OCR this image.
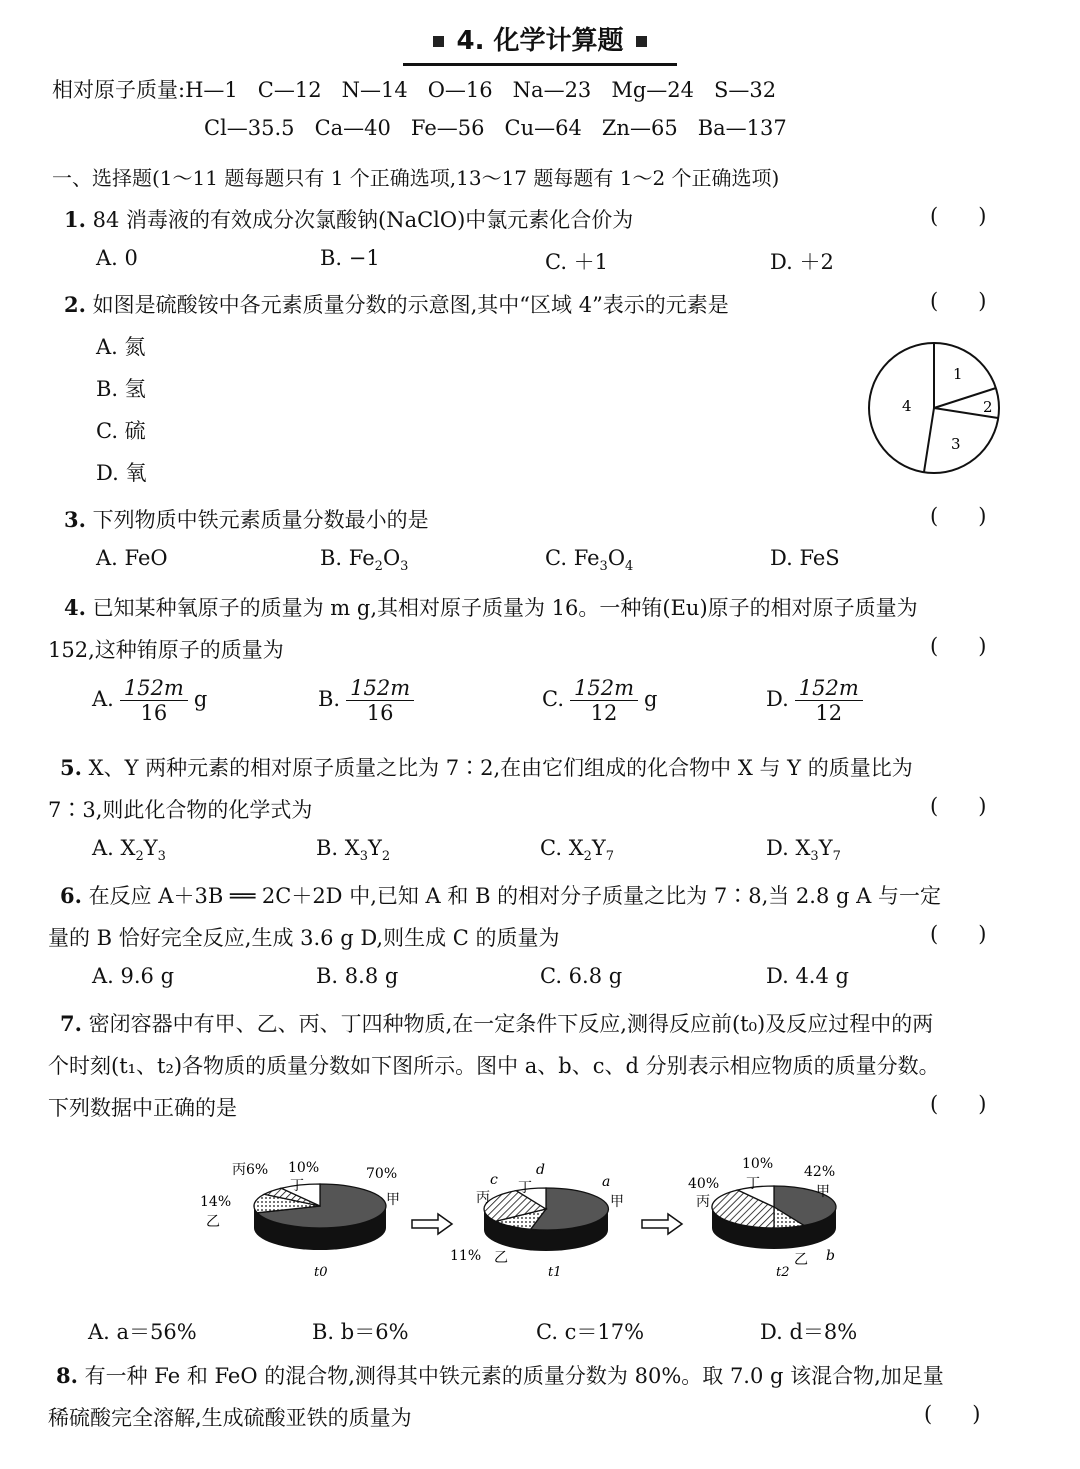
4. 化学计算题
相对原子质量:H—1   C—12   N—14   O—16   Na—23   Mg—24   S—32
Cl—35.5   Ca—40   Fe—56   Cu—64   Zn—65   Ba—137
一、选择题(1～11 题每题只有 1 个正确选项,13～17 题每题有 1～2 个正确选项)
1. 84 消毒液的有效成分次氯酸钠(NaClO)中氯元素化合价为	(      )
A. 0	B. −1	C. ＋1	D. ＋2
2. 如图是硫酸铵中各元素质量分数的示意图,其中“区域 4”表示的元素是	(      )
A. 氮
B. 氢
C. 硫
D. 氧
1
2
3
4
3. 下列物质中铁元素质量分数最小的是	(      )
A. FeO	B. $Fe_2O_3$	C. $Fe_3O_4$	D. FeS
4. 已知某种氧原子的质量为 m g,其相对原子质量为 16。一种铕(Eu)原子的相对原子质量为
152,这种铕原子的质量为	(      )
A. $\frac{152m}{16}$ g	B. $\frac{152m}{16}$	C. $\frac{152m}{12}$ g	D. $\frac{152m}{12}$
5. X、Y 两种元素的相对原子质量之比为 7∶2,在由它们组成的化合物中 X 与 Y 的质量比为
7∶3,则此化合物的化学式为	(      )
A. $X_2Y_3$	B. $X_3Y_2$	C. $X_2Y_7$	D. $X_3Y_7$
6. 在反应 A＋3B ══ 2C＋2D 中,已知 A 和 B 的相对分子质量之比为 7∶8,当 2.8 g A 与一定
量的 B 恰好完全反应,生成 3.6 g D,则生成 C 的质量为	(      )
A. 9.6 g	B. 8.8 g	C. 6.8 g	D. 4.4 g
7. 密闭容器中有甲、乙、丙、丁四种物质,在一定条件下反应,测得反应前(t₀)及反应过程中的两
个时刻(t₁、t₂)各物质的质量分数如下图所示。图中 a、b、c、d 分别表示相应物质的质量分数。
下列数据中正确的是	(      )
70%
甲
14%
乙
丙6% 10%
丁
t0
a
甲
11% 乙
c
丙
d
丁
t1
42%
甲
b
乙
40%
丙
10%
丁
t2
A. a＝56%	B. b＝6%	C. c＝17%	D. d＝8%
8. 有一种 Fe 和 FeO 的混合物,测得其中铁元素的质量分数为 80%。取 7.0 g 该混合物,加足量
稀硫酸完全溶解,生成硫酸亚铁的质量为	(      )
